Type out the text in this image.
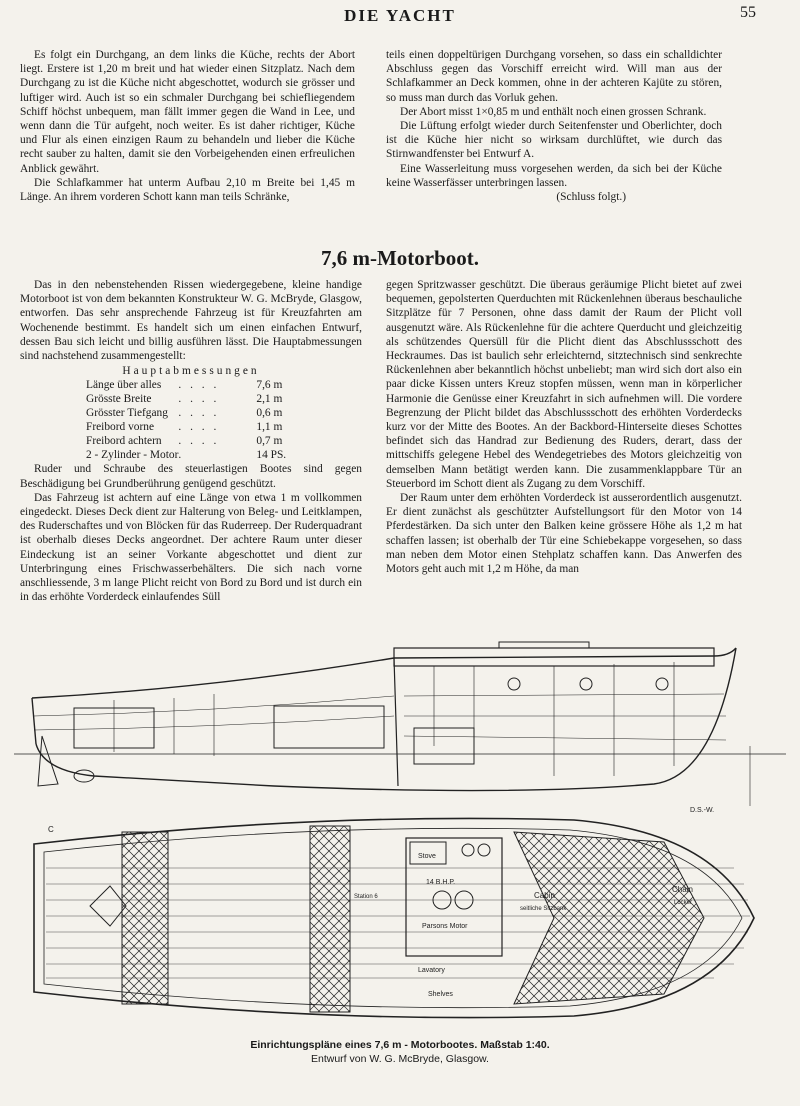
DIE YACHT	55

Es folgt ein Durchgang, an dem links die Küche, rechts der Abort liegt. Erstere ist 1,20 m breit und hat wieder einen Sitzplatz. Nach dem Durchgang zu ist die Küche nicht abgeschottet, wodurch sie grösser und luftiger wird. Auch ist so ein schmaler Durchgang bei schiefliegendem Schiff höchst unbequem, man fällt immer gegen die Wand in Lee, und wenn dann die Tür aufgeht, noch weiter. Es ist daher richtiger, Küche und Flur als einen einzigen Raum zu behandeln und lieber die Küche recht sauber zu halten, damit sie den Vorbeigehenden einen erfreulichen Anblick gewährt.

Die Schlafkammer hat unterm Aufbau 2,10 m Breite bei 1,45 m Länge. An ihrem vorderen Schott kann man teils Schränke,

teils einen doppeltürigen Durchgang vorsehen, so dass ein schalldichter Abschluss gegen das Vorschiff erreicht wird. Will man aus der Schlafkammer an Deck kommen, ohne in der achteren Kajüte zu stören, so muss man durch das Vorluk gehen.

Der Abort misst 1×0,85 m und enthält noch einen grossen Schrank.

Die Lüftung erfolgt wieder durch Seitenfenster und Oberlichter, doch ist die Küche hier nicht so wirksam durchlüftet, wie durch das Stirnwandfenster bei Entwurf A.

Eine Wasserleitung muss vorgesehen werden, da sich bei der Küche keine Wasserfässer unterbringen lassen.

(Schluss folgt.)

7,6 m-Motorboot.

Das in den nebenstehenden Rissen wiedergegebene, kleine handige Motorboot ist von dem bekannten Konstrukteur W. G. McBryde, Glasgow, entworfen. Das sehr ansprechende Fahrzeug ist für Kreuzfahrten am Wochenende bestimmt. Es handelt sich um einen einfachen Entwurf, dessen Bau sich leicht und billig ausführen lässt. Die Hauptabmessungen sind nachstehend zusammengestellt:

Hauptabmessungen

Länge über alles	. . . .	7,6 m
Grösste Breite	. . . .	2,1 m
Grösster Tiefgang	. . . .	0,6 m
Freibord vorne	. . . .	1,1 m
Freibord achtern	. . . .	0,7 m
2 - Zylinder - Motor	.	14 PS.

Ruder und Schraube des steuerlastigen Bootes sind gegen Beschädigung bei Grundberührung genügend geschützt.

Das Fahrzeug ist achtern auf eine Länge von etwa 1 m vollkommen eingedeckt. Dieses Deck dient zur Halterung von Beleg- und Leitklampen, des Ruderschaftes und von Blöcken für das Ruderreep. Der Ruderquadrant ist oberhalb dieses Decks angeordnet. Der achtere Raum unter dieser Eindeckung ist an seiner Vorkante abgeschottet und dient zur Unterbringung eines Frischwasserbehälters. Die sich nach vorne anschliessende, 3 m lange Plicht reicht von Bord zu Bord und ist durch ein in das erhöhte Vorderdeck einlaufendes Süll

gegen Spritzwasser geschützt. Die überaus geräumige Plicht bietet auf zwei bequemen, gepolsterten Querduchten mit Rückenlehnen überaus beschauliche Sitzplätze für 7 Personen, ohne dass damit der Raum der Plicht voll ausgenutzt wäre. Als Rückenlehne für die achtere Querducht und gleichzeitig als schützendes Quersüll für die Plicht dient das Abschlussschott des Heckraumes. Das ist baulich sehr erleichternd, sitztechnisch sind senkrechte Rückenlehnen aber bekanntlich höchst unbeliebt; man wird sich dort also ein paar dicke Kissen unters Kreuz stopfen müssen, wenn man in körperlicher Harmonie die Genüsse einer Kreuzfahrt in sich aufnehmen will. Die vordere Begrenzung der Plicht bildet das Abschlussschott des erhöhten Vorderdecks kurz vor der Mitte des Bootes. An der Backbord-Hinterseite dieses Schottes befindet sich das Handrad zur Bedienung des Ruders, derart, dass der mittschiffs gelegene Hebel des Wendegetriebes des Motors gleichzeitig von demselben Mann betätigt werden kann. Die zusammenklappbare Tür an Steuerbord im Schott dient als Zugang zu dem Vorschiff.

Der Raum unter dem erhöhten Vorderdeck ist ausserordentlich ausgenutzt. Er dient zunächst als geschützter Aufstellungsort für den Motor von 14 Pferdestärken. Da sich unter den Balken keine grössere Höhe als 1,2 m hat schaffen lassen; ist oberhalb der Tür eine Schiebekappe vorgesehen, so dass man neben dem Motor einen Stehplatz schaffen kann. Das Anwerfen des Motors geht auch mit 1,2 m Höhe, da man

14 B.H.P.
Parsons Motor
Stove
Lavatory
Shelves
Cabin
seitliche Sitzbank
Chain
Locker
Station 6
D.S.-W.
C
Einrichtungspläne eines 7,6 m - Motorbootes. Maßstab 1:40.
Entwurf von W. G. McBryde, Glasgow.
